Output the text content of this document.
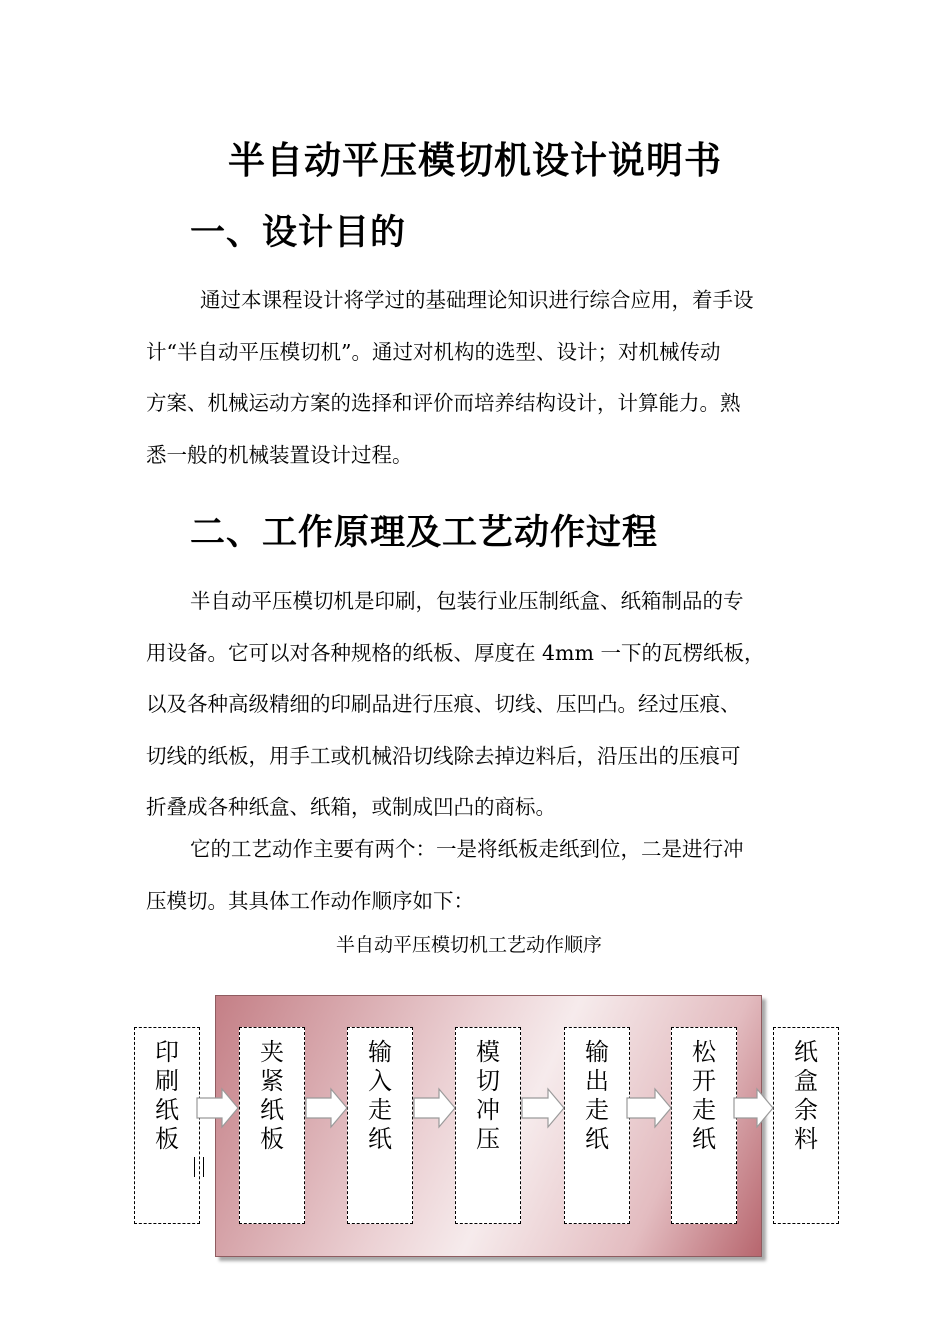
半自动平压模切机设计说明书
一、设计目的

通过本课程设计将学过的基础理论知识进行综合应用，着手设
计“半自动平压模切机”。通过对机构的选型、设计；对机械传动
方案、机械运动方案的选择和评价而培养结构设计，计算能力。熟
悉一般的机械装置设计过程。

二、工作原理及工艺动作过程

半自动平压模切机是印刷，包装行业压制纸盒、纸箱制品的专
用设备。它可以对各种规格的纸板、厚度在 4mm 一下的瓦楞纸板，
以及各种高级精细的印刷品进行压痕、切线、压凹凸。经过压痕、
切线的纸板，用手工或机械沿切线除去掉边料后，沿压出的压痕可
折叠成各种纸盒、纸箱，或制成凹凸的商标。

它的工艺动作主要有两个：一是将纸板走纸到位，二是进行冲
压模切。其具体工作动作顺序如下：

半自动平压模切机工艺动作顺序
印
刷
纸
板
夹
紧
纸
板
输
入
走
纸
模
切
冲
压
输
出
走
纸
松
开
走
纸
纸
盒
余
料
